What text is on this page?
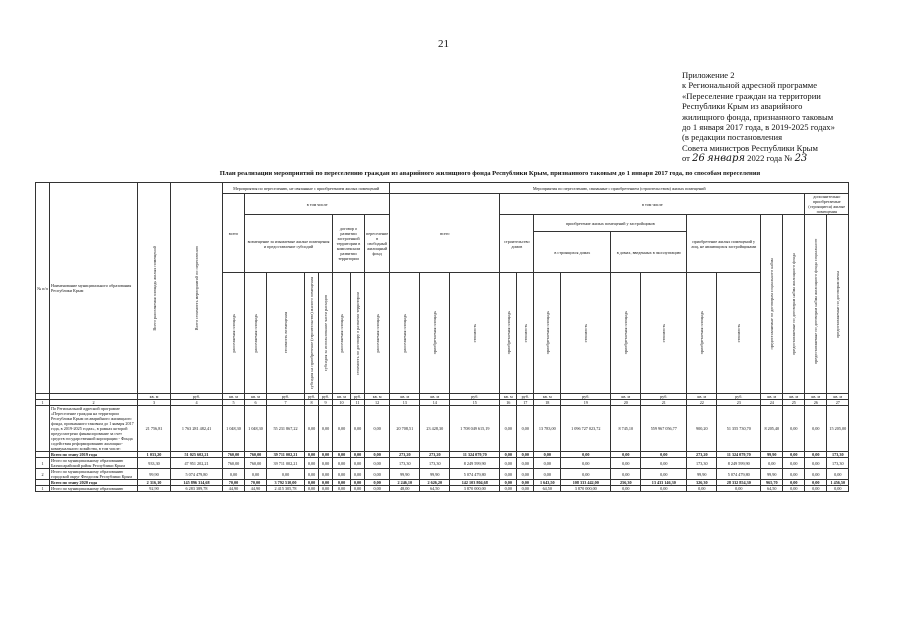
21
Приложение 2
к Региональной адресной программе
«Переселение граждан на территории
Республики Крым из аварийного
жилищного фонда, признанного таковым
до 1 января 2017 года, в 2019-2025 годах»
(в редакции постановления
Совета министров Республики Крым
от 26 января 2022 года № 23
План реализации мероприятий по переселению граждан из аварийного жилищного фонда Республики Крым, признанного таковым до 1 января 2017 года, по способам переселения
№ п/п	Наименование муниципального образования Республики Крым	Всего расселяемая площадь жилых помещений	Всего стоимость мероприятий по переселению	Мероприятия по переселению, не связанные с приобретением жилых помещений								Мероприятия по переселению, связанные с приобретением (строительством) жилых помещений														
				всего	в том числе							всего			в том числе										дополнительно приобретаемые (строящиеся) жилые помещения	
					возмещение за изымаемые жилые помещения и предоставление субсидий				договор о развитии застроенной территории в комплексном развитии территории		переселение в свободный жилищный фонд				строительство домов		приобретение жилых помещений у застройщиков				приобретение жилых помещений у лиц, не являющихся застройщиками		предоставляемые по договорам социального найма	предоставляемые по договорам найма жилищного фонда	предоставляемые по договорам найма жилищного фонда социального	предоставляемые по договорам мены

																	в строящихся домах		в домах, введенных в эксплуатацию							

				расселяемая площадь	расселяемая площадь	стоимость возмещения	субсидия на приобретение (строительство) жилого помещения	субсидия за использование части расходов	расселяемая площадь	стоимость по договору о развитии территории	расселяемая площадь	расселяемая площадь	приобретаемая площадь	стоимость	приобретаемая площадь	стоимость	приобретаемая площадь	стоимость	приобретаемая площадь	стоимость	приобретаемая площадь	стоимость				

		кв. м	руб.	кв. м	кв. м	руб.	руб.	руб.	кв. м	руб.	кв. м	кв. м	кв. м	руб.	кв. м	руб.	кв. м	руб.	кв. м	руб.	кв. м	руб.	кв. м	кв. м	кв. м	кв. м
1	2	3	4	5	6	7	8	9	10	11	12	13	14	15	16	17	18	19	20	21	22	23	24	25	26	27
	По Региональной адресной программе «Переселение граждан на территории Республики Крым из аварийного жилищного фонда, признанного таковым до 1 января 2017 года, в 2019-2025 годах», в рамках которой предусмотрено финансирование за счет средств государственной корпорации - Фонда содействия реформированию жилищно-коммунального хозяйства, в том числе:	21 756,81	1 763 281 482,41	1 048,30	1 048,30	55 231 867,22	0,00	0,00	0,00	0,00	0,00	20 708,51	23 428,30	1 708 049 615,19	0,00	0,00	13 783,00	1 096 727 023,72	8 745,10	559 967 056,77	900,20	51 355 730,70	8 205,40	0,00	0,00	15 205,00
	Всего по этапу 2019 года	1 033,20	51 025 602,21	760,00	760,00	39 711 002,21	0,00	0,00	0,00	0,00	0,00	273,20	273,20	11 324 079,70	0,00	0,00	0,00	0,00	0,00	0,00	273,20	11 324 079,70	99,90	0,00	0,00	173,30
1	Итого по муниципальному образованию Бахчисарайский район Республики Крым	933,30	47 951 202,21	760,00	760,00	39 711 002,21	0,00	0,00	0,00	0,00	0,00	173,30	173,30	8 249 599,90	0,00	0,00	0,00	0,00	0,00	0,00	173,30	8 249 599,90	0,00	0,00	0,00	173,30
2	Итого по муниципальному образованию городской округ Феодосия Республики Крым	99,90	5 074 479,80	0,00	0,00	0,00	0,00	0,00	0,00	0,00	0,00	99,90	99,90	5 074 479,80	0,00	0,00	0,00	0,00	0,00	0,00	99,90	5 074 479,80	99,90	0,00	0,00	0,00
	Всего по этапу 2020 года	2 316,10	145 896 314,68	70,00	70,00	3 792 510,00	0,00	0,00	0,00	0,00	0,00	2 246,10	2 626,20	142 103 804,68	0,00	0,00	1 643,50	108 333 442,00	256,30	13 433 146,30	326,30	28 332 854,30	965,70	0,00	0,00	1 456,50
1	Итого по муниципальному образованию	92,90	6 283 389,78	44,90	44,90	2 415 305,78	0,00	0,00	0,00	0,00	0,00	48,00	64,50	3 870 000,00	0,00	0,00	64,50	3 870 000,00	0,00	0,00	0,00	0,00	64,50	0,00	0,00	0,00
